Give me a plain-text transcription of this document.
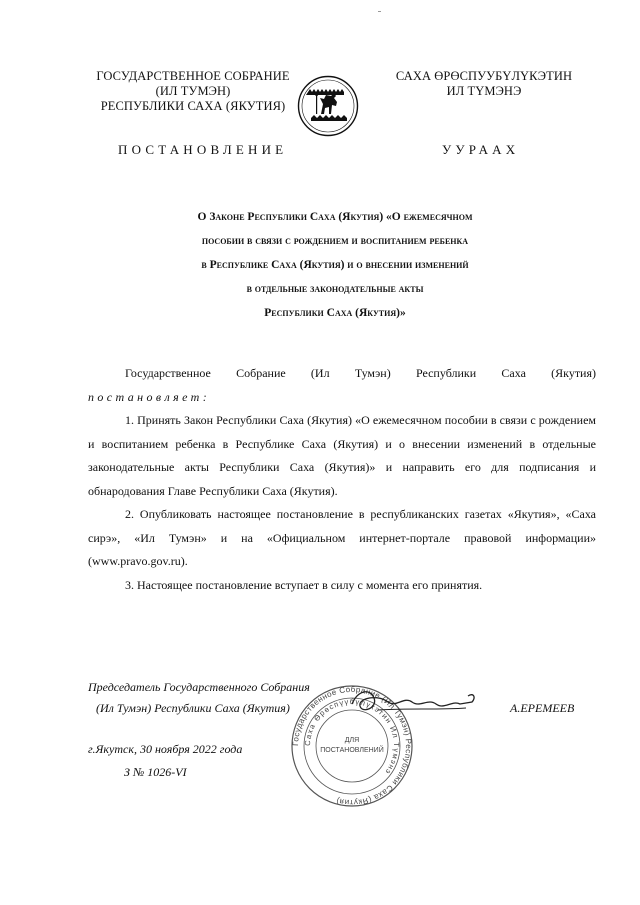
ГОСУДАРСТВЕННОЕ СОБРАНИЕ
(ИЛ ТУМЭН)
РЕСПУБЛИКИ САХА (ЯКУТИЯ)
САХА ӨРӨСПУУБҮЛҮКЭТИН
ИЛ ТҮМЭНЭ
ПОСТАНОВЛЕНИЕ	УУРААХ
О Законе Республики Саха (Якутия) «О ежемесячном
пособии в связи с рождением и воспитанием ребенка
в Республике Саха (Якутия) и о внесении изменений
в отдельные законодательные акты
Республики Саха (Якутия)»

Государственное Собрание (Ил Тумэн) Республики Саха (Якутия)

постановляет:

1. Принять Закон Республики Саха (Якутия) «О ежемесячном пособии в связи с рождением и воспитанием ребенка в Республике Саха (Якутия) и о внесении изменений в отдельные законодательные акты Республики Саха (Якутия)» и направить его для подписания и обнародования Главе Республики Саха (Якутия).

2. Опубликовать настоящее постановление в республиканских газетах «Якутия», «Саха сирэ», «Ил Тумэн» и на «Официальном интернет-портале правовой информации» (www.pravo.gov.ru).

3. Настоящее постановление вступает в силу с момента его принятия.

Государственное Собрание (Ил Тумэн) Республики Саха (Якутия)
Саха Өрөспүүбүлүкэтин Ил Түмэнэ
ДЛЯ
ПОСТАНОВЛЕНИЙ
Председатель Государственного Собрания
(Ил Тумэн) Республики Саха (Якутия)	А.ЕРЕМЕЕВ
г.Якутск, 30 ноября 2022 года
З № 1026-VI
